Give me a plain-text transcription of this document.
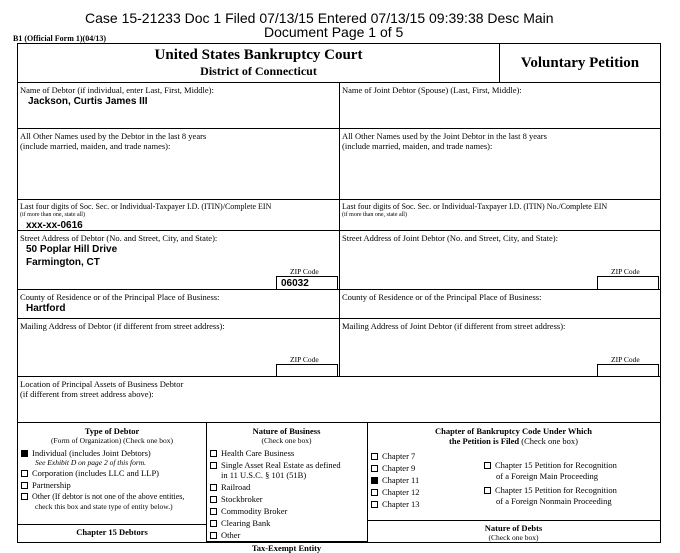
Case 15-21233 Doc 1 Filed 07/13/15 Entered 07/13/15 09:39:38 Desc Main
Document Page 1 of 5
B1 (Official Form 1)(04/13)
United States Bankruptcy Court
District of Connecticut	Voluntary Petition
Name of Debtor (if individual, enter Last, First, Middle):
Jackson, Curtis James III
Name of Joint Debtor (Spouse) (Last, First, Middle):
All Other Names used by the Debtor in the last 8 years
(include married, maiden, and trade names):
All Other Names used by the Joint Debtor in the last 8 years
(include married, maiden, and trade names):
Last four digits of Soc. Sec. or Individual-Taxpayer I.D. (ITIN)/Complete EIN
(if more than one, state all)
xxx-xx-0616
Last four digits of Soc. Sec. or Individual-Taxpayer I.D. (ITIN) No./Complete EIN
(if more than one, state all)
Street Address of Debtor (No. and Street, City, and State):
50 Poplar Hill Drive
Farmington, CT
ZIP Code
06032
Street Address of Joint Debtor (No. and Street, City, and State):
ZIP Code
County of Residence or of the Principal Place of Business:
Hartford
County of Residence or of the Principal Place of Business:
Mailing Address of Debtor (if different from street address):
ZIP Code
Mailing Address of Joint Debtor (if different from street address):
ZIP Code
Location of Principal Assets of Business Debtor
(if different from street address above):
Type of Debtor
(Form of Organization) (Check one box)
Individual (includes Joint Debtors)
See Exhibit D on page 2 of this form.
Corporation (includes LLC and LLP)
Partnership
Other (If debtor is not one of the above entities,
check this box and state type of entity below.)
Chapter 15 Debtors
Nature of Business
(Check one box)
Health Care Business
Single Asset Real Estate as defined
in 11 U.S.C. § 101 (51B)
Railroad
Stockbroker
Commodity Broker
Clearing Bank
Other
Tax-Exempt Entity
Chapter of Bankruptcy Code Under Which
the Petition is Filed (Check one box)
Chapter 7
Chapter 9
Chapter 11
Chapter 12
Chapter 13
Chapter 15 Petition for Recognition
of a Foreign Main Proceeding
Chapter 15 Petition for Recognition
of a Foreign Nonmain Proceeding
Nature of Debts
(Check one box)
